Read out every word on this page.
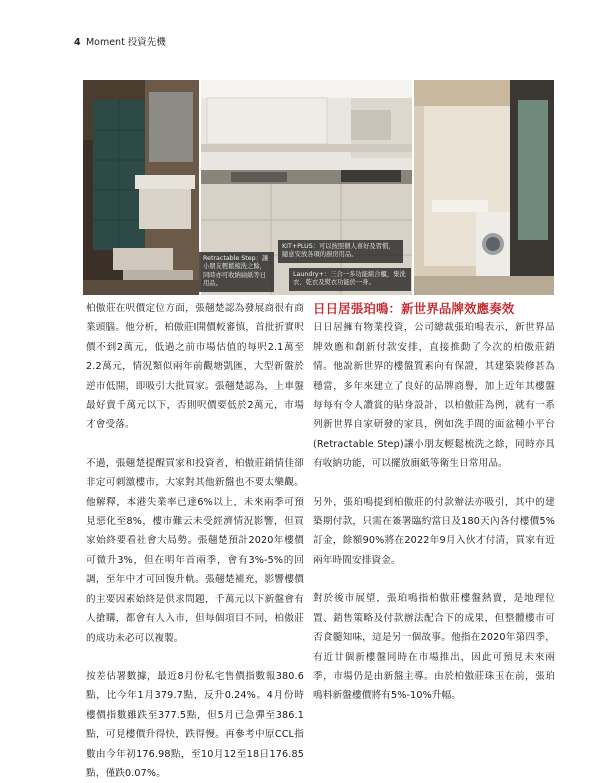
4 Moment 投資先機
Retractable Step：讓小朋友輕鬆梳洗之餘，同時亦可收納廁紙等日用品。
KIT+PLUS：可以按照個人喜好及習慣，隨意安放各項的廚房用品。
Laundry+：三合一多功能組合櫃，集洗衣、乾衣及熨衣功能於一身。

柏傲莊在呎價定位方面，張翹楚認為發展商很有商業頭腦。他分析，柏傲莊Ⅰ開價較審慎，首批折實呎價不到2萬元，低過之前市場估值的每呎2.1萬至2.2萬元，情況類似兩年前觀塘凱匯，大型新盤於逆市低開，即吸引大批買家。張翹楚認為，上車盤最好賣千萬元以下，否則呎價要低於2萬元，市場才會受落。

不過，張翹楚提醒買家和投資者，柏傲莊銷情佳卻非定可刺激樓市，大家對其他新盤也不要太樂觀。他解釋，本港失業率已達6%以上，未來兩季可預見惡化至8%，樓市難云未受經濟情況影響，但買家始終要看社會大局勢。張翹楚預計2020年樓價可微升3%，但在明年首兩季，會有3%-5%的回調，至年中才可回復升軌。張翹楚補充，影響樓價的主要因素始終是供求問題，千萬元以下新盤會有人搶購，都會有人入市，但每個項目不同，柏傲莊的成功未必可以複製。

按差估署數據，最近8月份私宅售價指數報380.6點，比今年1月379.7點，反升0.24%。4月份時樓價指數雖跌至377.5點，但5月已急彈至386.1點，可見樓價升得快，跌得慢。再參考中原CCL指數由今年初176.98點，至10月12至18日176.85點，僅跌0.07%。

日日居張珀鳴：新世界品牌效應奏效

日日居擁有物業投資，公司總裁張珀鳴表示，新世界品牌效應和創新付款安排，直接推動了今次的柏傲莊銷情。他說新世界的樓盤質素向有保證，其建築裝修甚為穩當，多年來建立了良好的品牌商譽，加上近年其樓盤每每有令人讚賞的貼身設計，以柏傲莊為例，就有一系列新世界自家研發的家具，例如洗手間的面盆種小平台(Retractable Step)讓小朋友輕鬆梳洗之餘，同時亦具有收納功能，可以擺放廁紙等衛生日常用品。

另外，張珀鳴提到柏傲莊的付款辦法亦吸引，其中的建築期付款，只需在簽署臨約當日及180天內各付樓價5%訂金，餘額90%將在2022年9月入伙才付清，買家有近兩年時間安排資金。

對於後市展望，張珀鳴指柏傲莊樓盤熱賣，是地理位置、銷售策略及付款辦法配合下的成果，但整體樓市可否食髓知味，這是另一個故事。他指在2020年第四季，有近廿個新樓盤同時在市場推出，因此可預見未來兩季，市場仍是由新盤主導。由於柏傲莊珠玉在前，張珀鳴料新盤樓價將有5%-10%升幅。
